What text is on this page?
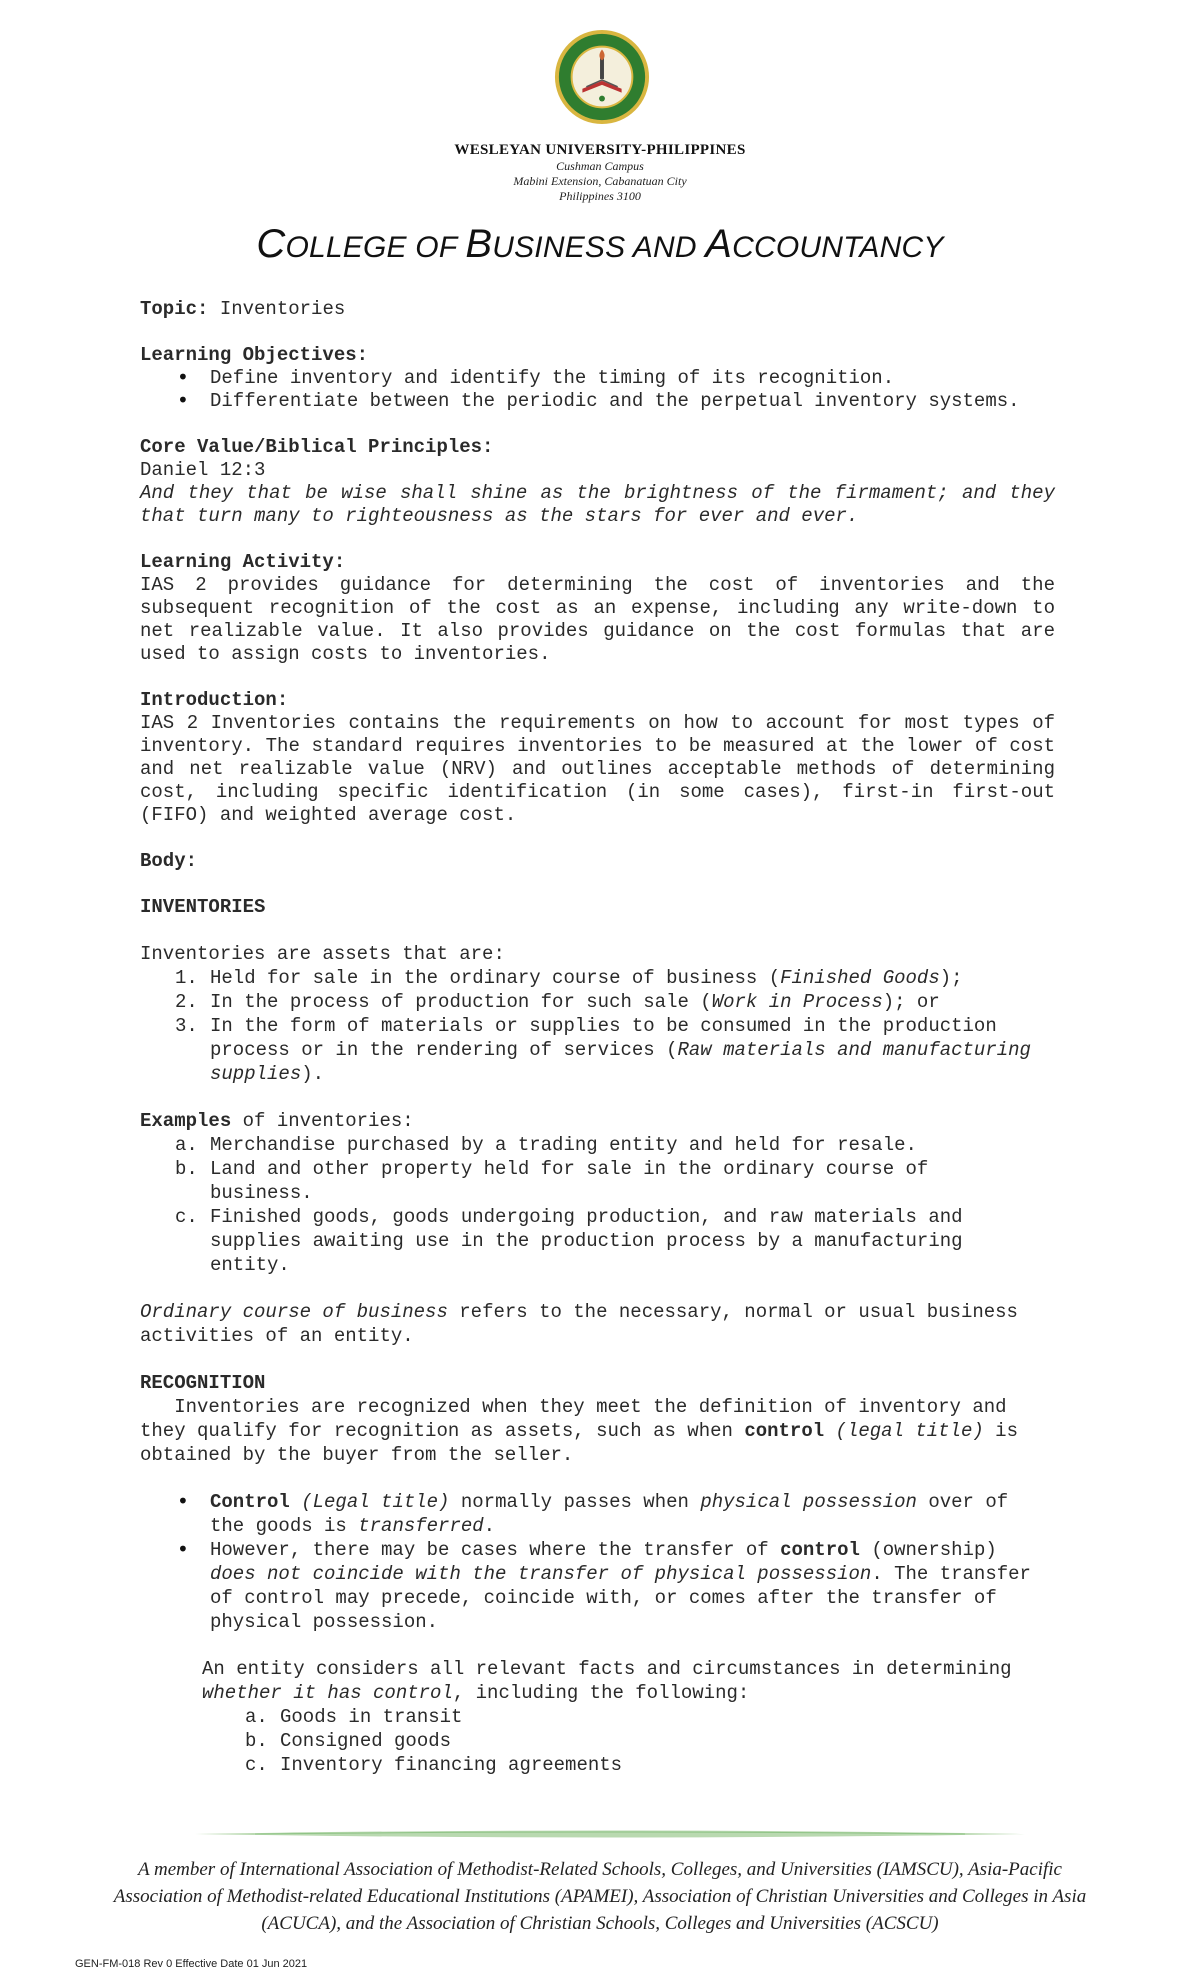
WESLEYAN UNIVERSITY-PHILIPPINES
Cushman Campus
Mabini Extension, Cabanatuan City
Philippines 3100
COLLEGE OF BUSINESS AND ACCOUNTANCY

Topic: Inventories

Learning Objectives:

• Define inventory and identify the timing of its recognition.
• Differentiate between the periodic and the perpetual inventory systems.

Core Value/Biblical Principles:

Daniel 12:3

And they that be wise shall shine as the brightness of the firmament; and they that turn many to righteousness as the stars for ever and ever.

Learning Activity:

IAS 2 provides guidance for determining the cost of inventories and the subsequent recognition of the cost as an expense, including any write-down to net realizable value. It also provides guidance on the cost formulas that are used to assign costs to inventories.

Introduction:

IAS 2 Inventories contains the requirements on how to account for most types of inventory. The standard requires inventories to be measured at the lower of cost and net realizable value (NRV) and outlines acceptable methods of determining cost, including specific identification (in some cases), first-in first-out (FIFO) and weighted average cost.

Body:

INVENTORIES

Inventories are assets that are:

1. Held for sale in the ordinary course of business (Finished Goods);
2. In the process of production for such sale (Work in Process); or
3. In the form of materials or supplies to be consumed in the production process or in the rendering of services (Raw materials and manufacturing supplies).

Examples of inventories:

a. Merchandise purchased by a trading entity and held for resale.
b. Land and other property held for sale in the ordinary course of business.
c. Finished goods, goods undergoing production, and raw materials and supplies awaiting use in the production process by a manufacturing entity.

Ordinary course of business refers to the necessary, normal or usual business activities of an entity.

RECOGNITION

Inventories are recognized when they meet the definition of inventory and they qualify for recognition as assets, such as when control (legal title) is obtained by the buyer from the seller.

• Control (Legal title) normally passes when physical possession over of the goods is transferred.
• However, there may be cases where the transfer of control (ownership) does not coincide with the transfer of physical possession. The transfer of control may precede, coincide with, or comes after the transfer of physical possession.

An entity considers all relevant facts and circumstances in determining whether it has control, including the following:

a. Goods in transit
b. Consigned goods
c. Inventory financing agreements
A member of International Association of Methodist-Related Schools, Colleges, and Universities (IAMSCU), Asia-Pacific Association of Methodist-related Educational Institutions (APAMEI), Association of Christian Universities and Colleges in Asia (ACUCA), and the Association of Christian Schools, Colleges and Universities (ACSCU)
GEN-FM-018 Rev 0 Effective Date 01 Jun 2021
